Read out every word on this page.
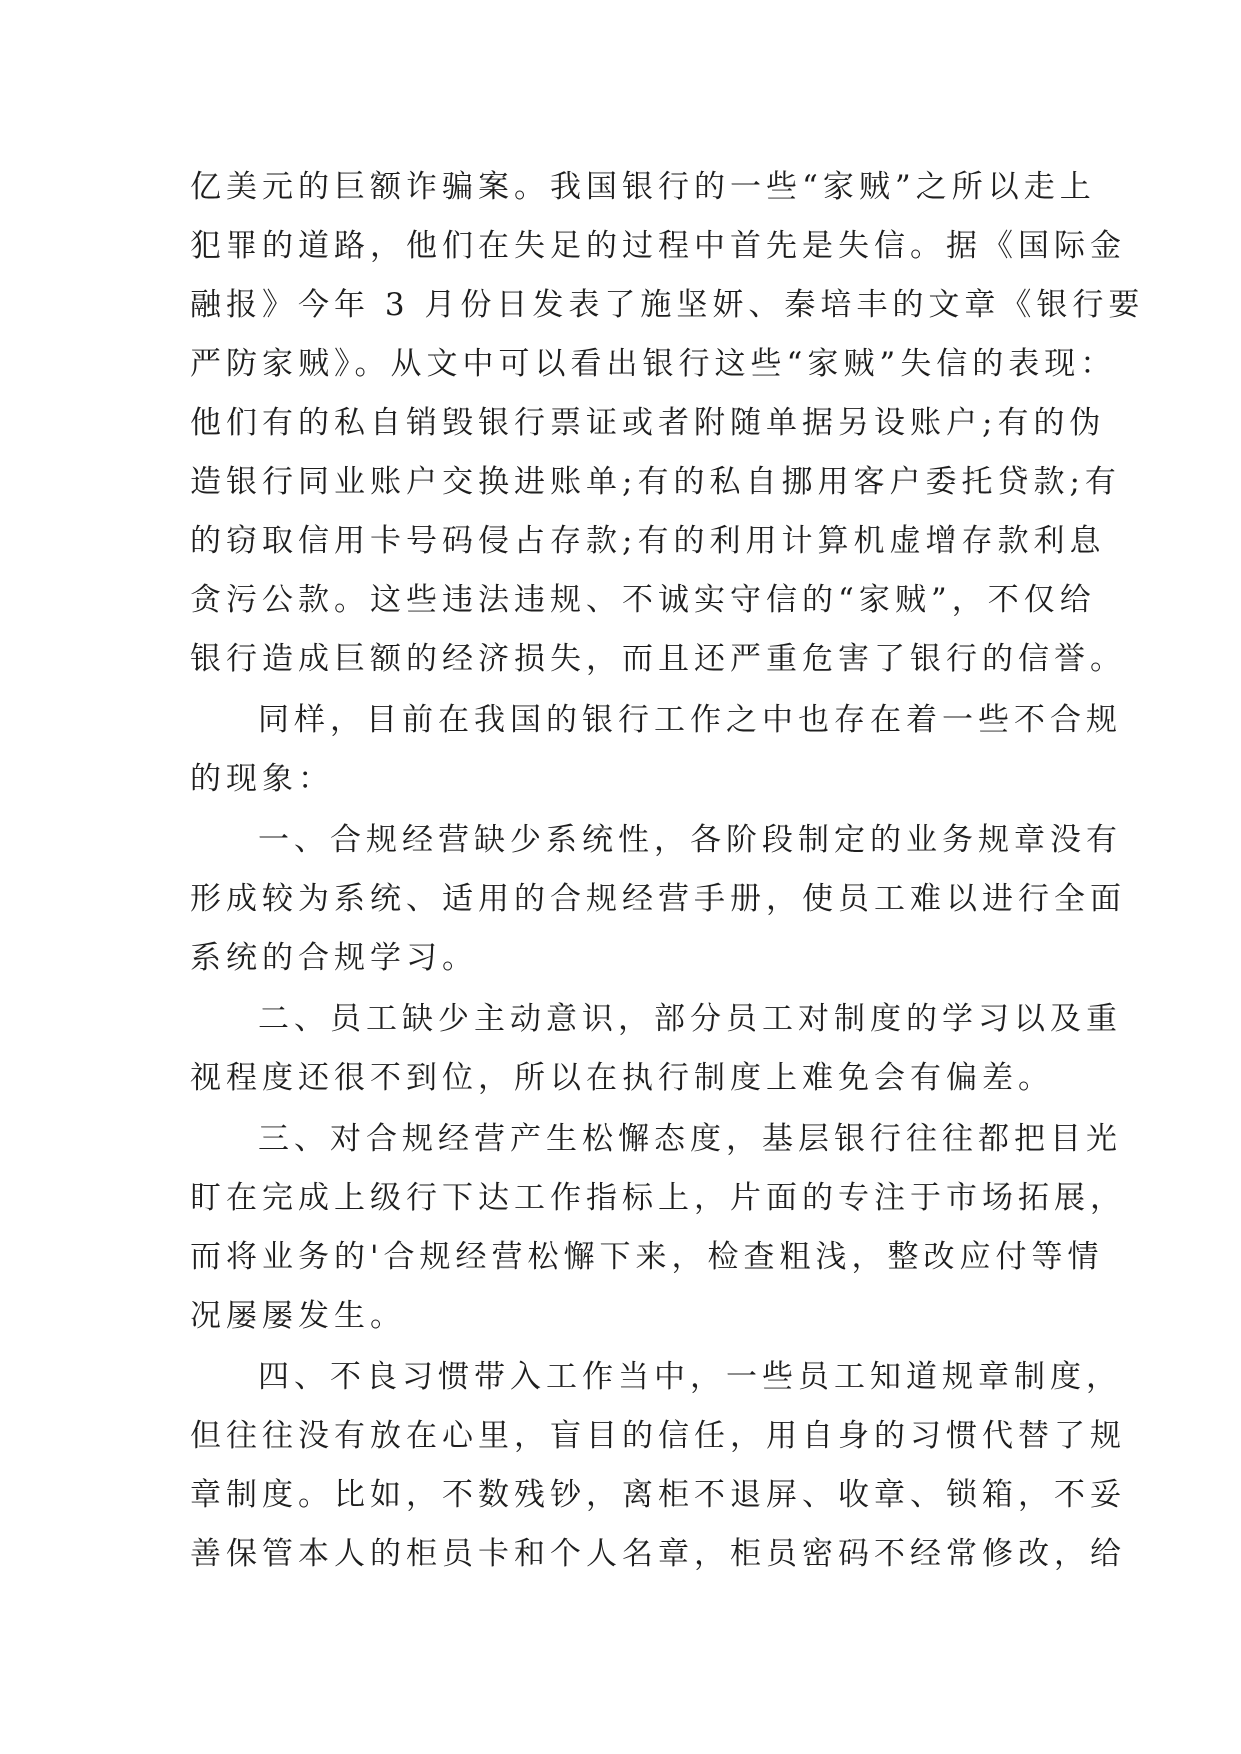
亿美元的巨额诈骗案。我国银行的一些“家贼”之所以走上
犯罪的道路，他们在失足的过程中首先是失信。据《国际金
融报》今年 3 月份日发表了施坚妍、秦培丰的文章《银行要
严防家贼》。从文中可以看出银行这些“家贼”失信的表现：
他们有的私自销毁银行票证或者附随单据另设账户;有的伪
造银行同业账户交换进账单;有的私自挪用客户委托贷款;有
的窃取信用卡号码侵占存款;有的利用计算机虚增存款利息
贪污公款。这些违法违规、不诚实守信的“家贼”，不仅给
银行造成巨额的经济损失，而且还严重危害了银行的信誉。
同样，目前在我国的银行工作之中也存在着一些不合规
的现象：
一、合规经营缺少系统性，各阶段制定的业务规章没有
形成较为系统、适用的合规经营手册，使员工难以进行全面
系统的合规学习。
二、员工缺少主动意识，部分员工对制度的学习以及重
视程度还很不到位，所以在执行制度上难免会有偏差。
三、对合规经营产生松懈态度，基层银行往往都把目光
盯在完成上级行下达工作指标上，片面的专注于市场拓展，
而将业务的'合规经营松懈下来，检查粗浅，整改应付等情
况屡屡发生。
四、不良习惯带入工作当中，一些员工知道规章制度，
但往往没有放在心里，盲目的信任，用自身的习惯代替了规
章制度。比如，不数残钞，离柜不退屏、收章、锁箱，不妥
善保管本人的柜员卡和个人名章，柜员密码不经常修改，给
